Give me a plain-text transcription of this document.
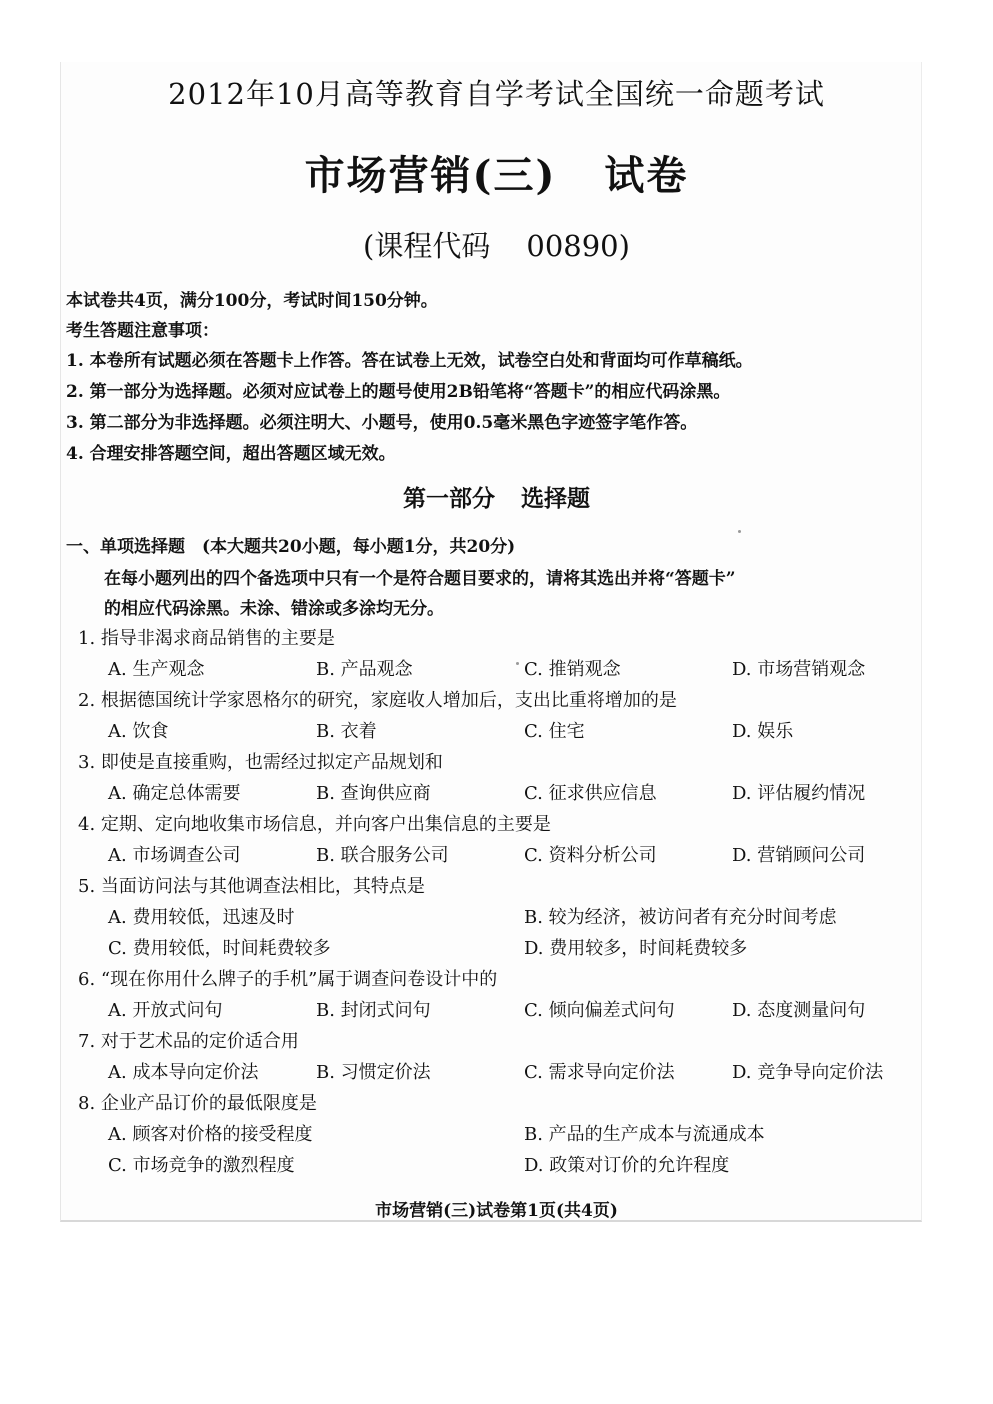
2012年10月高等教育自学考试全国统一命题考试
市场营销(三) 试卷
(课程代码 00890)
本试卷共4页，满分100分，考试时间150分钟。
考生答题注意事项：
1. 本卷所有试题必须在答题卡上作答。答在试卷上无效，试卷空白处和背面均可作草稿纸。
2. 第一部分为选择题。必须对应试卷上的题号使用2B铅笔将“答题卡”的相应代码涂黑。
3. 第二部分为非选择题。必须注明大、小题号，使用0.5毫米黑色字迹签字笔作答。
4. 合理安排答题空间，超出答题区域无效。
第一部分 选择题
一、单项选择题　(本大题共20小题，每小题1分，共20分)
在每小题列出的四个备选项中只有一个是符合题目要求的，请将其选出并将“答题卡”
的相应代码涂黑。未涂、错涂或多涂均无分。
1. 指导非渴求商品销售的主要是
A. 生产观念	B. 产品观念	C. 推销观念	D. 市场营销观念
2. 根据德国统计学家恩格尔的研究，家庭收人增加后，支出比重将增加的是
A. 饮食	B. 衣着	C. 住宅	D. 娱乐
3. 即使是直接重购，也需经过拟定产品规划和
A. 确定总体需要	B. 查询供应商	C. 征求供应信息	D. 评估履约情况
4. 定期、定向地收集市场信息，并向客户出集信息的主要是
A. 市场调查公司	B. 联合服务公司	C. 资料分析公司	D. 营销顾问公司
5. 当面访问法与其他调查法相比，其特点是
A. 费用较低，迅速及时	B. 较为经济，被访问者有充分时间考虑
C. 费用较低，时间耗费较多	D. 费用较多，时间耗费较多
6. “现在你用什么牌子的手机”属于调查问卷设计中的
A. 开放式问句	B. 封闭式问句	C. 倾向偏差式问句	D. 态度测量问句
7. 对于艺术品的定价适合用
A. 成本导向定价法	B. 习惯定价法	C. 需求导向定价法	D. 竞争导向定价法
8. 企业产品订价的最低限度是
A. 顾客对价格的接受程度	B. 产品的生产成本与流通成本
C. 市场竞争的激烈程度	D. 政策对订价的允许程度
市场营销(三)试卷第1页(共4页)
